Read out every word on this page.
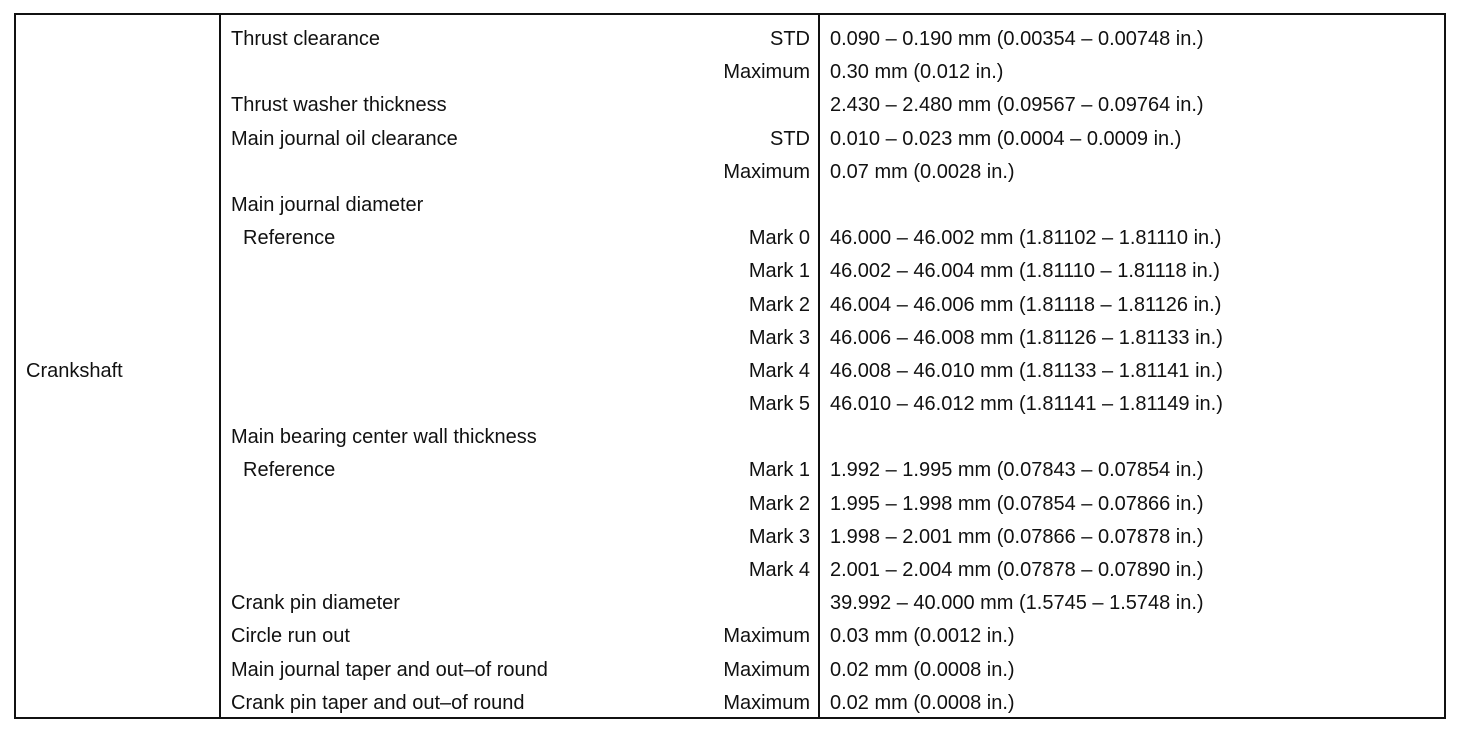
Crankshaft
Thrust clearance	STD 0.090 – 0.190 mm (0.00354 – 0.00748 in.)
Maximum 0.30 mm (0.012 in.)
Thrust washer thickness	2.430 – 2.480 mm (0.09567 – 0.09764 in.)
Main journal oil clearance	STD 0.010 – 0.023 mm (0.0004 – 0.0009 in.)
Maximum 0.07 mm (0.0028 in.)
Main journal diameter
Reference	Mark 0 46.000 – 46.002 mm (1.81102 – 1.81110 in.)
Mark 1 46.002 – 46.004 mm (1.81110 – 1.81118 in.)
Mark 2 46.004 – 46.006 mm (1.81118 – 1.81126 in.)
Mark 3 46.006 – 46.008 mm (1.81126 – 1.81133 in.)
Mark 4 46.008 – 46.010 mm (1.81133 – 1.81141 in.)
Mark 5 46.010 – 46.012 mm (1.81141 – 1.81149 in.)
Main bearing center wall thickness
Reference	Mark 1 1.992 – 1.995 mm (0.07843 – 0.07854 in.)
Mark 2 1.995 – 1.998 mm (0.07854 – 0.07866 in.)
Mark 3 1.998 – 2.001 mm (0.07866 – 0.07878 in.)
Mark 4 2.001 – 2.004 mm (0.07878 – 0.07890 in.)
Crank pin diameter	39.992 – 40.000 mm (1.5745 – 1.5748 in.)
Circle run out	Maximum 0.03 mm (0.0012 in.)
Main journal taper and out–of round	Maximum 0.02 mm (0.0008 in.)
Crank pin taper and out–of round	Maximum 0.02 mm (0.0008 in.)
